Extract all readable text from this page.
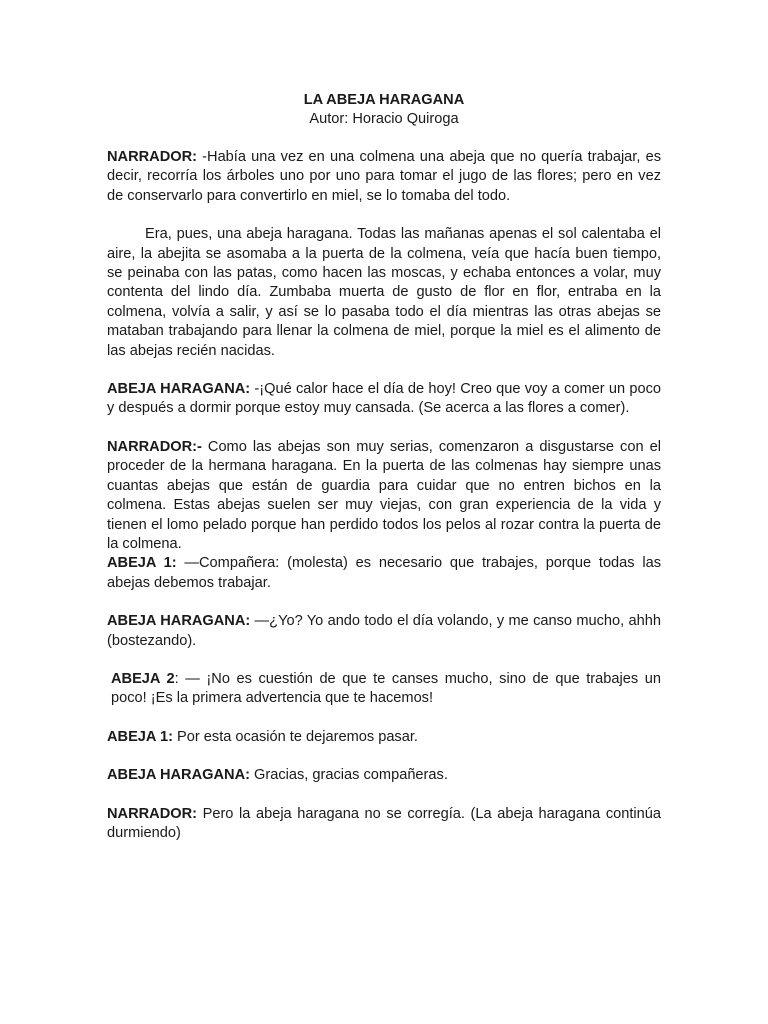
LA ABEJA HARAGANA
Autor: Horacio Quiroga

NARRADOR: -Había una vez en una colmena una abeja que no quería trabajar, es decir, recorría los árboles uno por uno para tomar el jugo de las flores; pero en vez de conservarlo para convertirlo en miel, se lo tomaba del todo.

Era, pues, una abeja haragana. Todas las mañanas apenas el sol calentaba el aire, la abejita se asomaba a la puerta de la colmena, veía que hacía buen tiempo, se peinaba con las patas, como hacen las moscas, y echaba entonces a volar, muy contenta del lindo día. Zumbaba muerta de gusto de flor en flor, entraba en la colmena, volvía a salir, y así se lo pasaba todo el día mientras las otras abejas se mataban trabajando para llenar la colmena de miel, porque la miel es el alimento de las abejas recién nacidas.

ABEJA HARAGANA: -¡Qué calor hace el día de hoy! Creo que voy a comer un poco y después a dormir porque estoy muy cansada. (Se acerca a las flores a comer).

NARRADOR:- Como las abejas son muy serias, comenzaron a disgustarse con el proceder de la hermana haragana. En la puerta de las colmenas hay siempre unas cuantas abejas que están de guardia para cuidar que no entren bichos en la colmena. Estas abejas suelen ser muy viejas, con gran experiencia de la vida y tienen el lomo pelado porque han perdido todos los pelos al rozar contra la puerta de la colmena.

ABEJA 1: —Compañera: (molesta) es necesario que trabajes, porque todas las abejas debemos trabajar.

ABEJA HARAGANA: —¿Yo? Yo ando todo el día volando, y me canso mucho, ahhh (bostezando).

ABEJA 2: — ¡No es cuestión de que te canses mucho, sino de que trabajes un poco! ¡Es la primera advertencia que te hacemos!

ABEJA 1: Por esta ocasión te dejaremos pasar.

ABEJA HARAGANA: Gracias, gracias compañeras.

NARRADOR: Pero la abeja haragana no se corregía. (La abeja haragana continúa durmiendo)
